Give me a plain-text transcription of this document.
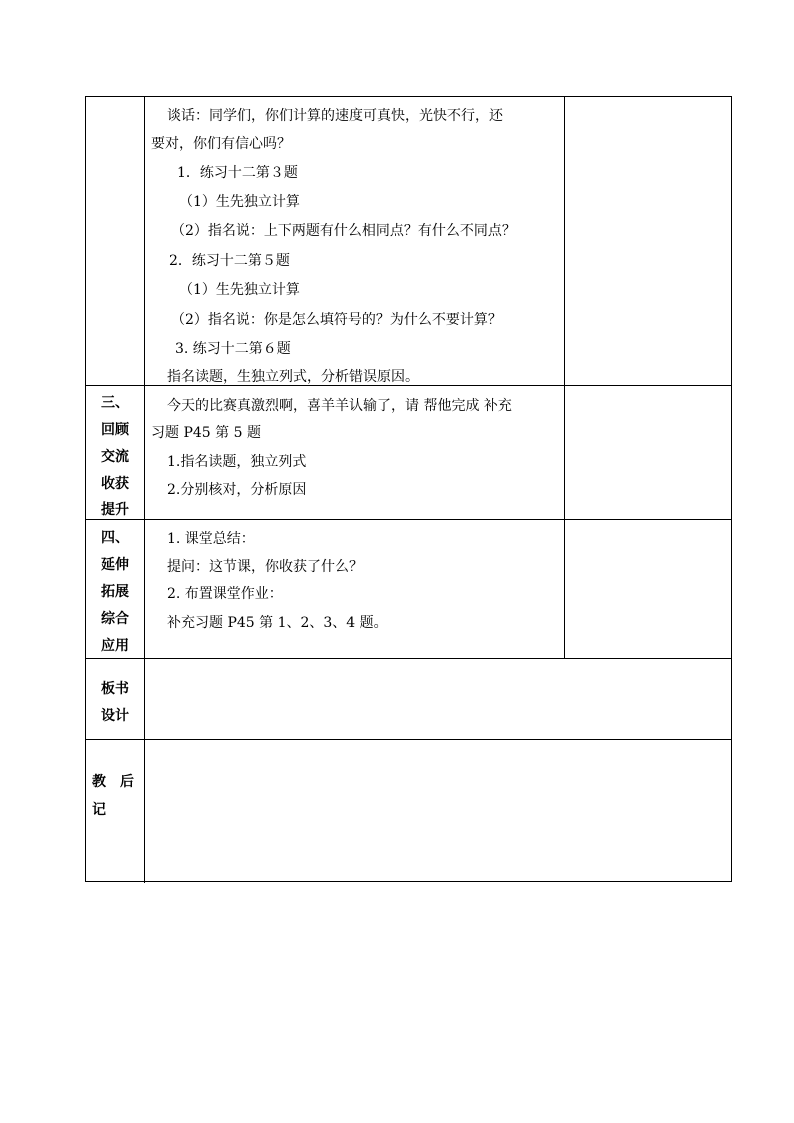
谈话：同学们，你们计算的速度可真快，光快不行，还
要对，你们有信心吗？
1．练习十二第３题
（1）生先独立计算
（2）指名说：上下两题有什么相同点？有什么不同点？
2．练习十二第５题
（1）生先独立计算
（2）指名说：你是怎么填符号的？为什么不要计算？
3. 练习十二第６题
指名读题，生独立列式，分析错误原因。
三、
回顾
交流
收获
提升
今天的比赛真激烈啊，喜羊羊认输了，请 帮他完成 补充
习题 P45 第 5 题
1.指名读题，独立列式
2.分别核对，分析原因
四、
延伸
拓展
综合
应用
1. 课堂总结：
提问：这节课，你收获了什么？
2. 布置课堂作业：
补充习题 P45 第 1、2、3、4 题。
板书
设计
教　后
记
